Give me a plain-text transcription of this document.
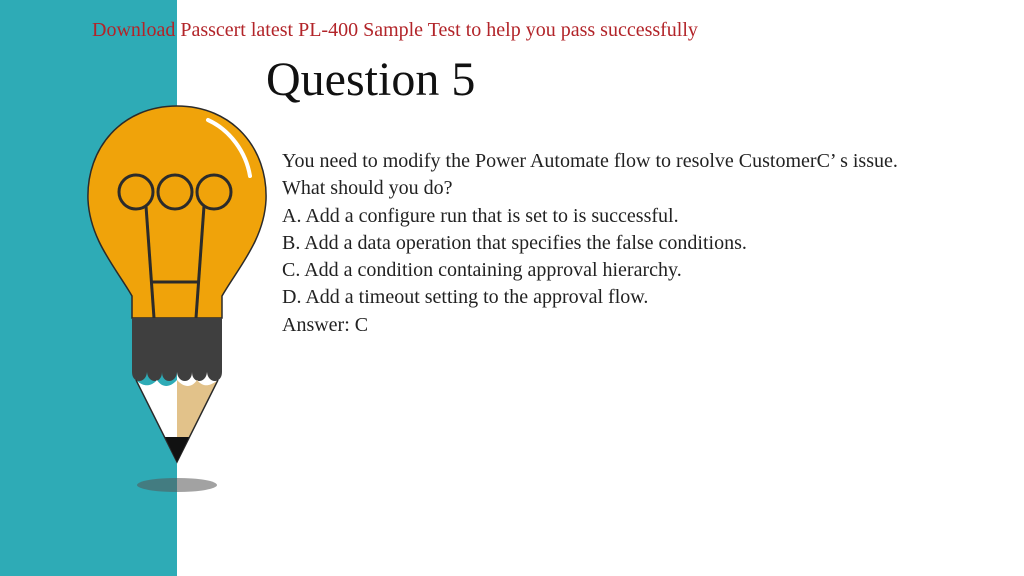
Download Passcert latest PL-400 Sample Test to help you pass successfully
Question 5
You need to modify the Power Automate flow to resolve CustomerC’ s issue.
What should you do?
A. Add a configure run that is set to is successful.
B. Add a data operation that specifies the false conditions.
C. Add a condition containing approval hierarchy.
D. Add a timeout setting to the approval flow.
Answer: C
